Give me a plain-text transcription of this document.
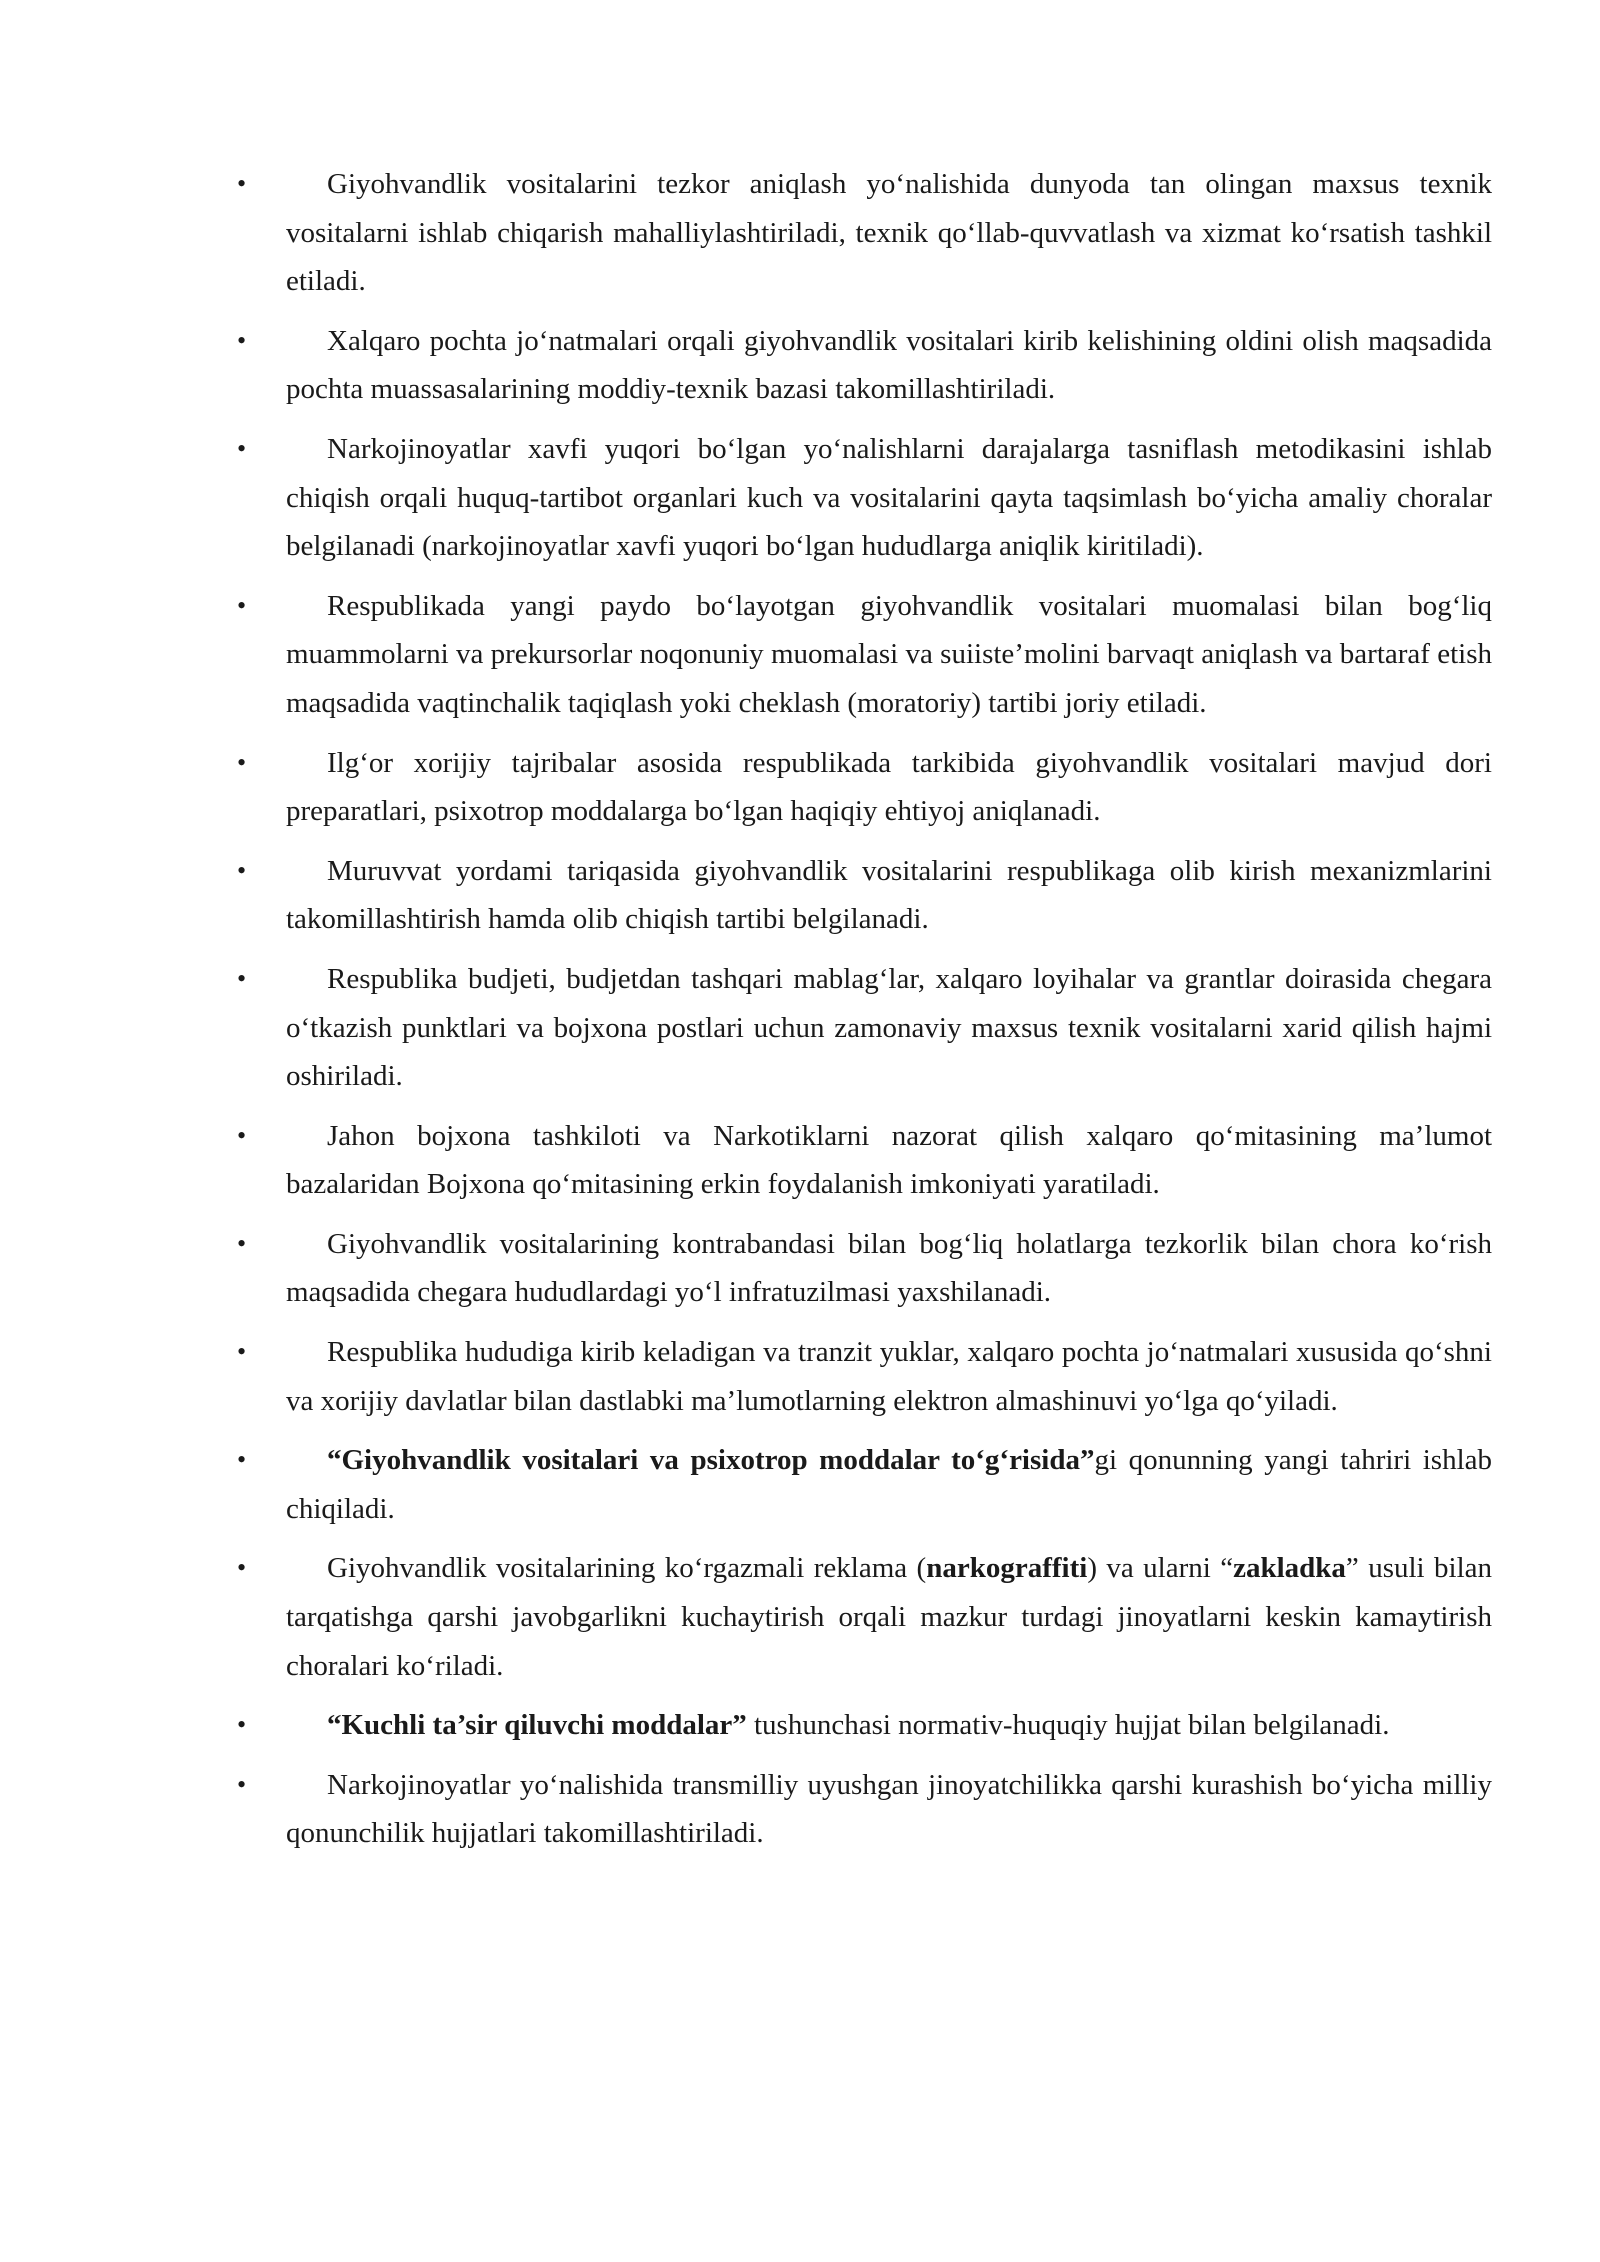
•	Giyohvandlik vositalarini tezkor aniqlash yo‘nalishida dunyoda tan olingan maxsus texnik vositalarni ishlab chiqarish mahalliylashtiriladi, texnik qo‘llab-quvvatlash va xizmat ko‘rsatish tashkil etiladi.
•	Xalqaro pochta jo‘natmalari orqali giyohvandlik vositalari kirib kelishining oldini olish maqsadida pochta muassasalarining moddiy-texnik bazasi takomillashtiriladi.
•	Narkojinoyatlar xavfi yuqori bo‘lgan yo‘nalishlarni darajalarga tasniflash metodikasini ishlab chiqish orqali huquq-tartibot organlari kuch va vositalarini qayta taqsimlash bo‘yicha amaliy choralar belgilanadi (narkojinoyatlar xavfi yuqori bo‘lgan hududlarga aniqlik kiritiladi).
•	Respublikada yangi paydo bo‘layotgan giyohvandlik vositalari muomalasi bilan bog‘liq muammolarni va prekursorlar noqonuniy muomalasi va suiiste’molini barvaqt aniqlash va bartaraf etish maqsadida vaqtinchalik taqiqlash yoki cheklash (moratoriy) tartibi joriy etiladi.
•	Ilg‘or xorijiy tajribalar asosida respublikada tarkibida giyohvandlik vositalari mavjud dori preparatlari, psixotrop moddalarga bo‘lgan haqiqiy ehtiyoj aniqlanadi.
•	Muruvvat yordami tariqasida giyohvandlik vositalarini respublikaga olib kirish mexanizmlarini takomillashtirish hamda olib chiqish tartibi belgilanadi.
•	Respublika budjeti, budjetdan tashqari mablag‘lar, xalqaro loyihalar va grantlar doirasida chegara o‘tkazish punktlari va bojxona postlari uchun zamonaviy maxsus texnik vositalarni xarid qilish hajmi oshiriladi.
•	Jahon bojxona tashkiloti va Narkotiklarni nazorat qilish xalqaro qo‘mitasining ma’lumot bazalaridan Bojxona qo‘mitasining erkin foydalanish imkoniyati yaratiladi.
•	Giyohvandlik vositalarining kontrabandasi bilan bog‘liq holatlarga tezkorlik bilan chora ko‘rish maqsadida chegara hududlardagi yo‘l infratuzilmasi yaxshilanadi.
•	Respublika hududiga kirib keladigan va tranzit yuklar, xalqaro pochta jo‘natmalari xususida qo‘shni va xorijiy davlatlar bilan dastlabki ma’lumotlarning elektron almashinuvi yo‘lga qo‘yiladi.
•	“Giyohvandlik vositalari va psixotrop moddalar to‘g‘risida”gi qonunning yangi tahriri ishlab chiqiladi.
•	Giyohvandlik vositalarining ko‘rgazmali reklama (narkograffiti) va ularni “zakladka” usuli bilan tarqatishga qarshi javobgarlikni kuchaytirish orqali mazkur turdagi jinoyatlarni keskin kamaytirish choralari ko‘riladi.
•	“Kuchli ta’sir qiluvchi moddalar” tushunchasi normativ-huquqiy hujjat bilan belgilanadi.
•	Narkojinoyatlar yo‘nalishida transmilliy uyushgan jinoyatchilikka qarshi kurashish bo‘yicha milliy qonunchilik hujjatlari takomillashtiriladi.
